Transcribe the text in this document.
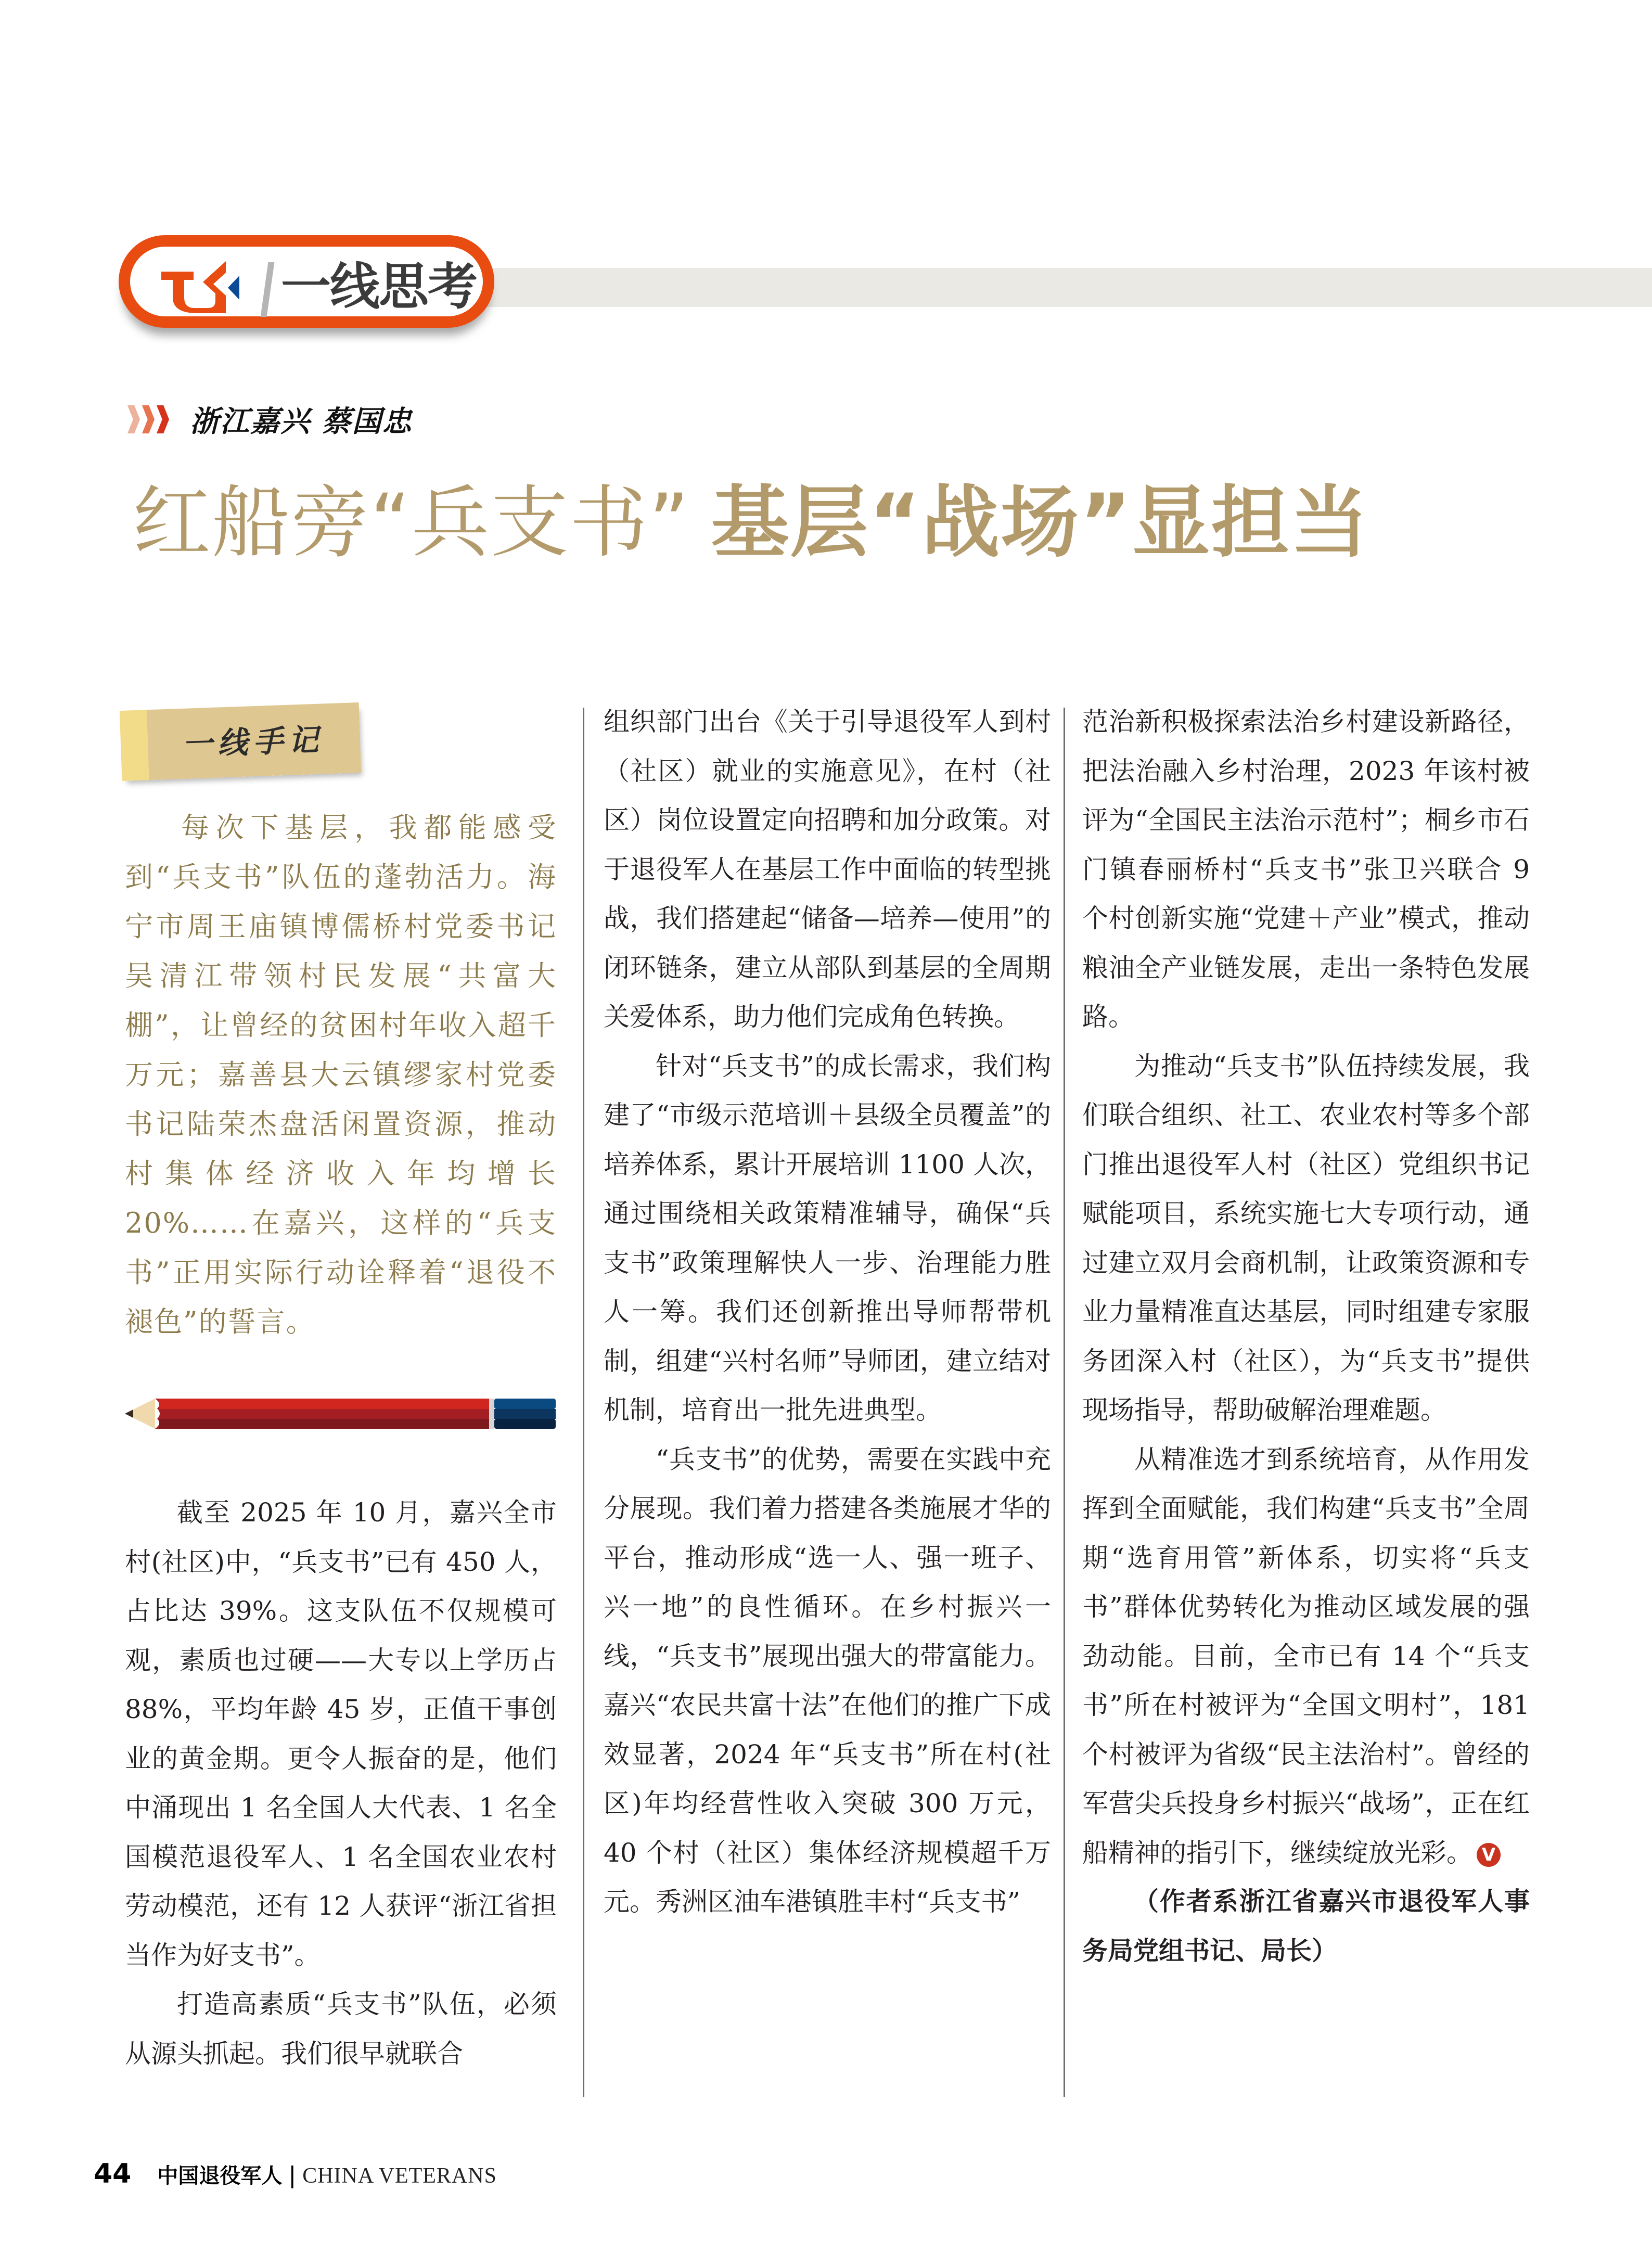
一线思考
浙江嘉兴 蔡国忠
红船旁“兵支书” 基层“战场”显担当
一线手记

每次下基层，我都能感受到“兵支书”队伍的蓬勃活力。海宁市周王庙镇博儒桥村党委书记吴清江带领村民发展“共富大棚”，让曾经的贫困村年收入超千万元；嘉善县大云镇缪家村党委书记陆荣杰盘活闲置资源，推动村集体经济收入年均增长20%……在嘉兴，这样的“兵支书”正用实际行动诠释着“退役不褪色”的誓言。

截至 2025 年 10 月，嘉兴全市村(社区)中，“兵支书”已有 450 人，占比达 39%。这支队伍不仅规模可观，素质也过硬——大专以上学历占 88%，平均年龄 45 岁，正值干事创业的黄金期。更令人振奋的是，他们中涌现出 1 名全国人大代表、1 名全国模范退役军人、1 名全国农业农村劳动模范，还有 12 人获评“浙江省担当作为好支书”。

打造高素质“兵支书”队伍，必须从源头抓起。我们很早就联合

组织部门出台《关于引导退役军人到村（社区）就业的实施意见》，在村（社区）岗位设置定向招聘和加分政策。对于退役军人在基层工作中面临的转型挑战，我们搭建起“储备—培养—使用”的闭环链条，建立从部队到基层的全周期关爱体系，助力他们完成角色转换。

针对“兵支书”的成长需求，我们构建了“市级示范培训＋县级全员覆盖”的培养体系，累计开展培训 1100 人次，通过围绕相关政策精准辅导，确保“兵支书”政策理解快人一步、治理能力胜人一筹。我们还创新推出导师帮带机制，组建“兴村名师”导师团，建立结对机制，培育出一批先进典型。

“兵支书”的优势，需要在实践中充分展现。我们着力搭建各类施展才华的平台，推动形成“选一人、强一班子、兴一地”的良性循环。在乡村振兴一线，“兵支书”展现出强大的带富能力。嘉兴“农民共富十法”在他们的推广下成效显著，2024 年“兵支书”所在村(社区)年均经营性收入突破 300 万元，40 个村（社区）集体经济规模超千万元。秀洲区油车港镇胜丰村“兵支书”

范治新积极探索法治乡村建设新路径，把法治融入乡村治理，2023 年该村被评为“全国民主法治示范村”；桐乡市石门镇春丽桥村“兵支书”张卫兴联合 9 个村创新实施“党建＋产业”模式，推动粮油全产业链发展，走出一条特色发展路。

为推动“兵支书”队伍持续发展，我们联合组织、社工、农业农村等多个部门推出退役军人村（社区）党组织书记赋能项目，系统实施七大专项行动，通过建立双月会商机制，让政策资源和专业力量精准直达基层，同时组建专家服务团深入村（社区），为“兵支书”提供现场指导，帮助破解治理难题。

从精准选才到系统培育，从作用发挥到全面赋能，我们构建“兵支书”全周期“选育用管”新体系，切实将“兵支书”群体优势转化为推动区域发展的强劲动能。目前，全市已有 14 个“兵支书”所在村被评为“全国文明村”，181 个村被评为省级“民主法治村”。曾经的军营尖兵投身乡村振兴“战场”，正在红船精神的指引下，继续绽放光彩。 V

（作者系浙江省嘉兴市退役军人事务局党组书记、局长）

44 中国退役军人 | CHINA VETERANS
